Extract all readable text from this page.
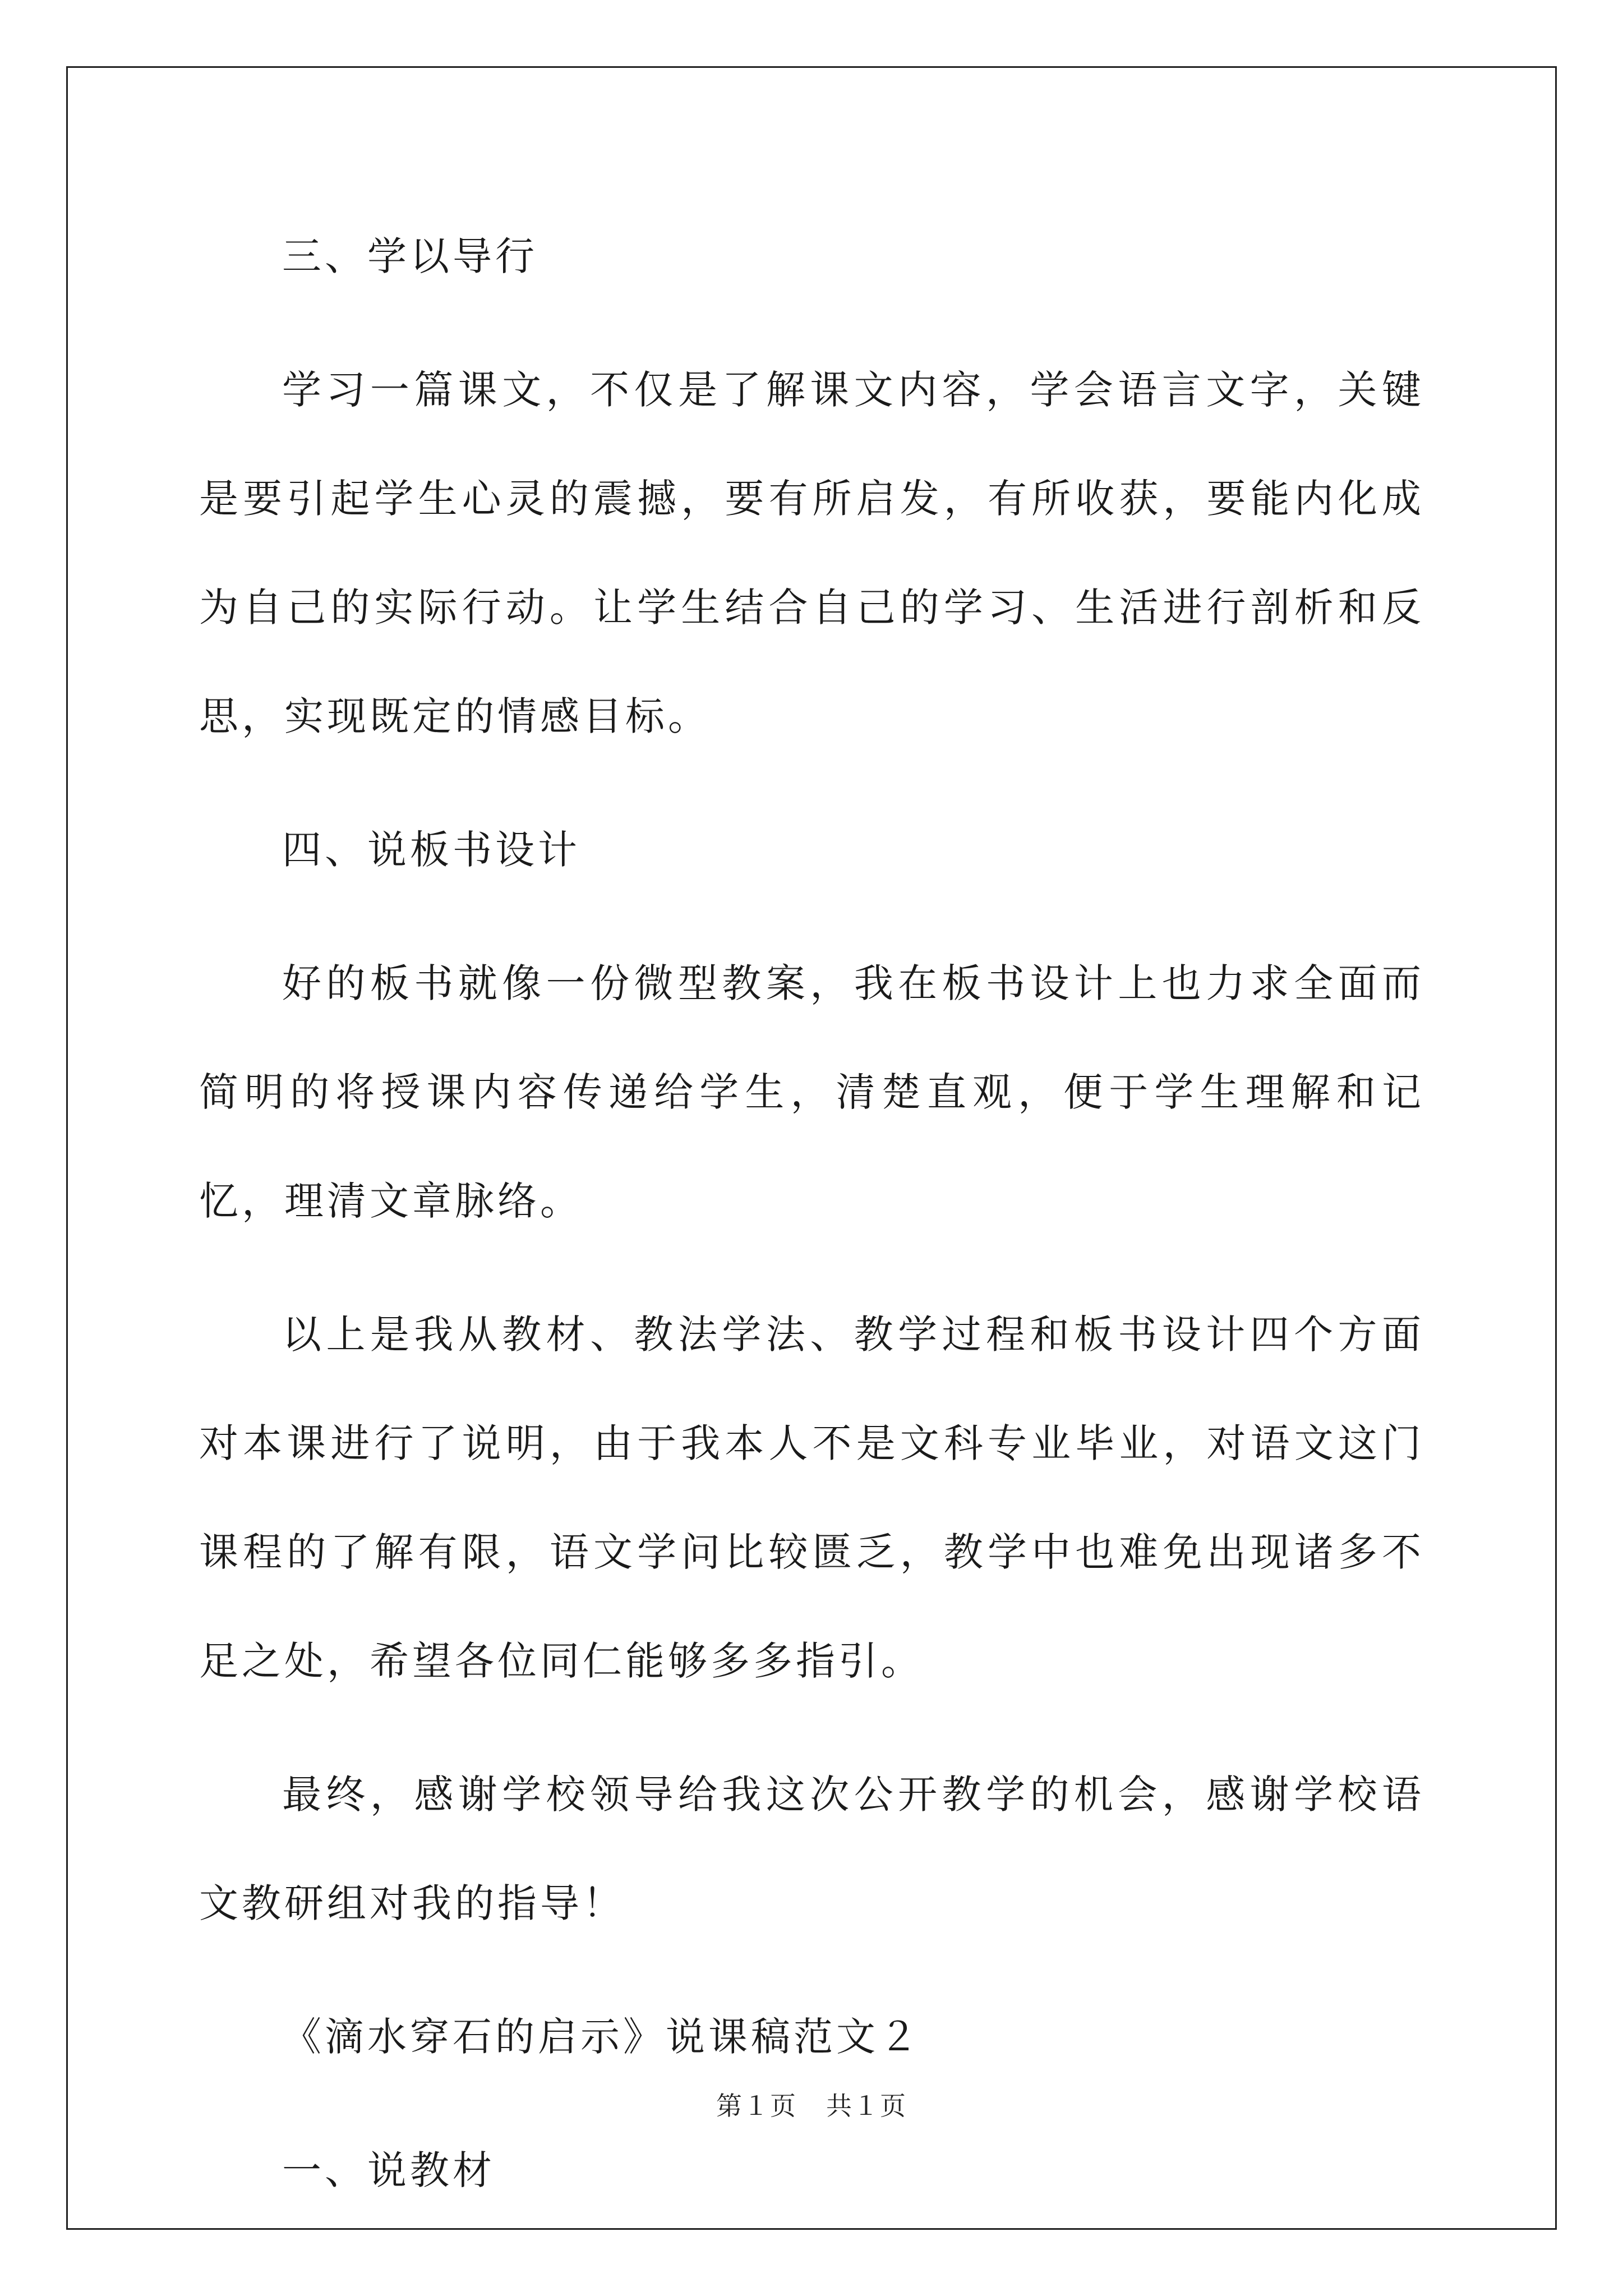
三、学以导行

学习一篇课文，不仅是了解课文内容，学会语言文字，关键是要引起学生心灵的震撼，要有所启发，有所收获，要能内化成为自己的实际行动。让学生结合自己的学习、生活进行剖析和反思，实现既定的情感目标。

四、说板书设计

好的板书就像一份微型教案，我在板书设计上也力求全面而简明的将授课内容传递给学生，清楚直观，便于学生理解和记忆，理清文章脉络。

以上是我从教材、教法学法、教学过程和板书设计四个方面对本课进行了说明，由于我本人不是文科专业毕业，对语文这门课程的了解有限，语文学问比较匮乏，教学中也难免出现诸多不足之处，希望各位同仁能够多多指引。

最终，感谢学校领导给我这次公开教学的机会，感谢学校语文教研组对我的指导！

《滴水穿石的启示》说课稿范文２

一、说教材

第１页 共１页
